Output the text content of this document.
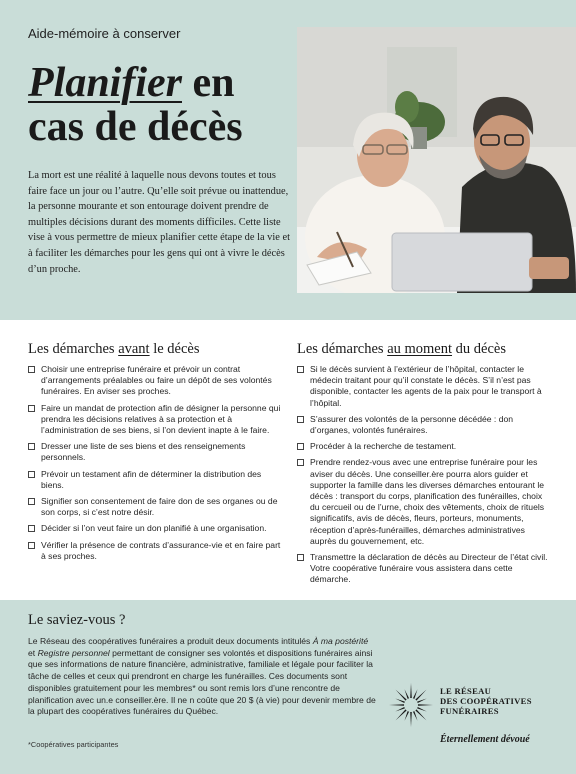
Aide-mémoire à conserver
Planifier en
cas de décès

La mort est une réalité à laquelle nous devons toutes et tous faire face un jour ou l’autre. Qu’elle soit prévue ou inattendue, la personne mourante et son entourage doivent prendre de multiples décisions durant des moments difficiles. Cette liste vise à vous permettre de mieux planifier cette étape de la vie et à faciliter les démarches pour les gens qui ont à vivre le décès d’un proche.

Les démarches avant le décès
Choisir une entreprise funéraire et prévoir un contrat d’arrangements préalables ou faire un dépôt de ses volontés funéraires. En aviser ses proches.
Faire un mandat de protection afin de désigner la personne qui prendra les décisions relatives à sa protection et à l’administration de ses biens, si l’on devient inapte à le faire.
Dresser une liste de ses biens et des renseignements personnels.
Prévoir un testament afin de déterminer la distribution des biens.
Signifier son consentement de faire don de ses organes ou de son corps, si c’est notre désir.
Décider si l’on veut faire un don planifié à une organisation.
Vérifier la présence de contrats d’assurance-vie et en faire part à ses proches.
Les démarches au moment du décès
Si le décès survient à l’extérieur de l’hôpital, contacter le médecin traitant pour qu’il constate le décès. S’il n’est pas disponible, contacter les agents de la paix pour le transport à l’hôpital.
S’assurer des volontés de la personne décédée : don d’organes, volontés funéraires.
Procéder à la recherche de testament.
Prendre rendez-vous avec une entreprise funéraire pour les aviser du décès. Une conseiller.ère pourra alors guider et supporter la famille dans les diverses démarches entourant le décès : transport du corps, planification des funérailles, choix du cercueil ou de l’urne, choix des vêtements, choix de rituels significatifs, avis de décès, fleurs, porteurs, monuments, réception d’après-funérailles, démarches administratives auprès du gouvernement, etc.
Transmettre la déclaration de décès au Directeur de l’état civil. Votre coopérative funéraire vous assistera dans cette démarche.
Le saviez-vous ?

Le Réseau des coopératives funéraires a produit deux documents intitulés À ma postérité et Registre personnel permettant de consigner ses volontés et dispositions funéraires ainsi que ses informations de nature financière, administrative, familiale et légale pour faciliter la tâche de celles et ceux qui prendront en charge les funérailles. Ces documents sont disponibles gratuitement pour les membres* ou sont remis lors d’une rencontre de planification avec un.e conseiller.ère. Il ne n coûte que 20 $ (à vie) pour devenir membre de la plupart des coopératives funéraires du Québec.

*Coopératives participantes
LE RÉSEAU
DES COOPÉRATIVES
FUNÉRAIRES
Éternellement dévoué
